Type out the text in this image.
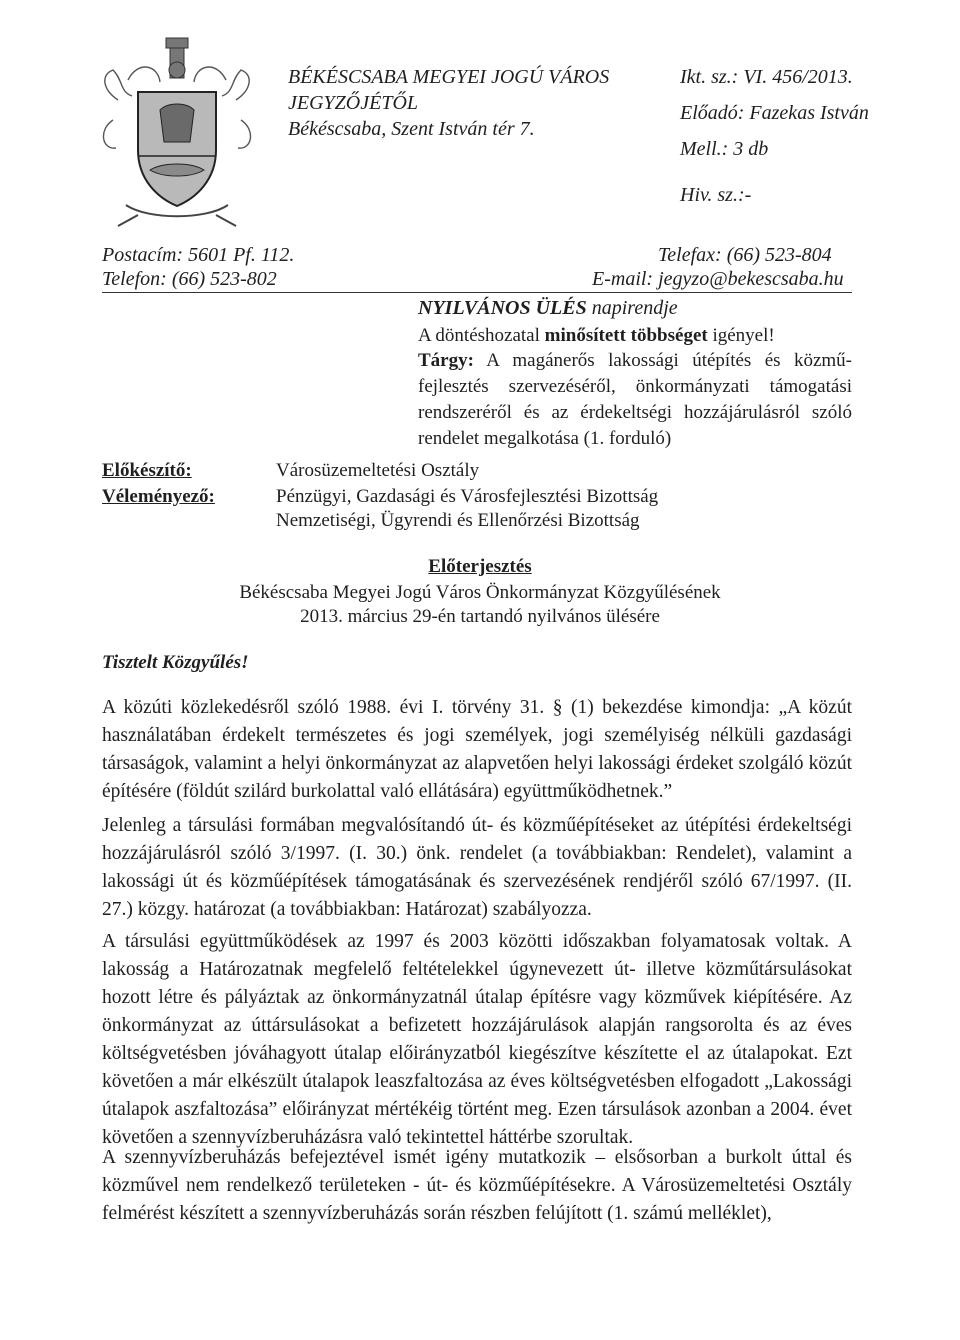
BÉKÉSCSABA MEGYEI JOGÚ VÁROS
JEGYZŐJÉTŐL
Békéscsaba, Szent István tér 7.
Ikt. sz.: VI. 456/2013.
Előadó: Fazekas István
Mell.: 3 db
Hiv. sz.:-
Postacím: 5601 Pf. 112.
Telefon: (66) 523-802
Telefax: (66) 523-804
E-mail: jegyzo@bekescsaba.hu
NYILVÁNOS ÜLÉS napirendje
A döntéshozatal minősített többséget igényel!
Tárgy: A magánerős lakossági útépítés és közmű-fejlesztés szervezéséről, önkormányzati támogatási rendszeréről és az érdekeltségi hozzájárulásról szóló rendelet megalkotása (1. forduló)
Előkészítő:
Véleményező:
Városüzemeltetési Osztály
Pénzügyi, Gazdasági és Városfejlesztési Bizottság
Nemzetiségi, Ügyrendi és Ellenőrzési Bizottság
Előterjesztés
Békéscsaba Megyei Jogú Város Önkormányzat Közgyűlésének
2013. március 29-én tartandó nyilvános ülésére
Tisztelt Közgyűlés!
A közúti közlekedésről szóló 1988. évi I. törvény 31. § (1) bekezdése kimondja: „A közút használatában érdekelt természetes és jogi személyek, jogi személyiség nélküli gazdasági társaságok, valamint a helyi önkormányzat az alapvetően helyi lakossági érdeket szolgáló közút építésére (földút szilárd burkolattal való ellátására) együttműködhetnek.”
Jelenleg a társulási formában megvalósítandó út- és közműépítéseket az útépítési érdekeltségi hozzájárulásról szóló 3/1997. (I. 30.) önk. rendelet (a továbbiakban: Rendelet), valamint a lakossági út és közműépítések támogatásának és szervezésének rendjéről szóló 67/1997. (II. 27.) közgy. határozat (a továbbiakban: Határozat) szabályozza.
A társulási együttműködések az 1997 és 2003 közötti időszakban folyamatosak voltak. A lakosság a Határozatnak megfelelő feltételekkel úgynevezett út- illetve közműtársulásokat hozott létre és pályáztak az önkormányzatnál útalap építésre vagy közművek kiépítésére. Az önkormányzat az úttársulásokat a befizetett hozzájárulások alapján rangsorolta és az éves költségvetésben jóváhagyott útalap előirányzatból kiegészítve készítette el az útalapokat. Ezt követően a már elkészült útalapok leaszfaltozása az éves költségvetésben elfogadott „Lakossági útalapok aszfaltozása” előirányzat mértékéig történt meg. Ezen társulások azonban a 2004. évet követően a szennyvízberuházásra való tekintettel háttérbe szorultak.
A szennyvízberuházás befejeztével ismét igény mutatkozik – elsősorban a burkolt úttal és közművel nem rendelkező területeken - út- és közműépítésekre. A Városüzemeltetési Osztály felmérést készített a szennyvízberuházás során részben felújított (1. számú melléklet),
